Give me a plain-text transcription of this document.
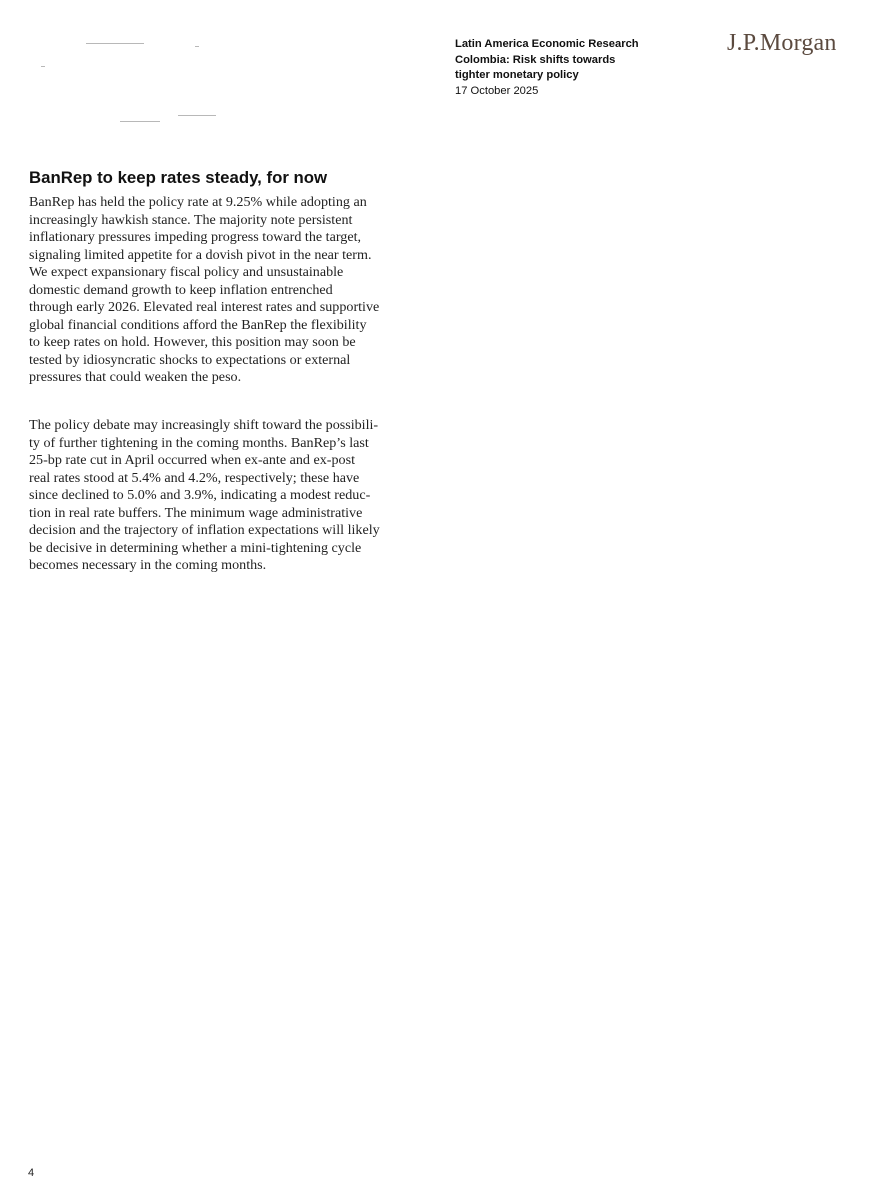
Latin America Economic Research
Colombia: Risk shifts towards
tighter monetary policy
17 October 2025
J.P.Morgan
BanRep to keep rates steady, for now

BanRep has held the policy rate at 9.25% while adopting an
increasingly hawkish stance. The majority note persistent
inflationary pressures impeding progress toward the target,
signaling limited appetite for a dovish pivot in the near term.
We expect expansionary fiscal policy and unsustainable
domestic demand growth to keep inflation entrenched
through early 2026. Elevated real interest rates and supportive
global financial conditions afford the BanRep the flexibility
to keep rates on hold. However, this position may soon be
tested by idiosyncratic shocks to expectations or external
pressures that could weaken the peso.

The policy debate may increasingly shift toward the possibili-
ty of further tightening in the coming months. BanRep’s last
25-bp rate cut in April occurred when ex-ante and ex-post
real rates stood at 5.4% and 4.2%, respectively; these have
since declined to 5.0% and 3.9%, indicating a modest reduc-
tion in real rate buffers. The minimum wage administrative
decision and the trajectory of inflation expectations will likely
be decisive in determining whether a mini-tightening cycle
becomes necessary in the coming months.

4
